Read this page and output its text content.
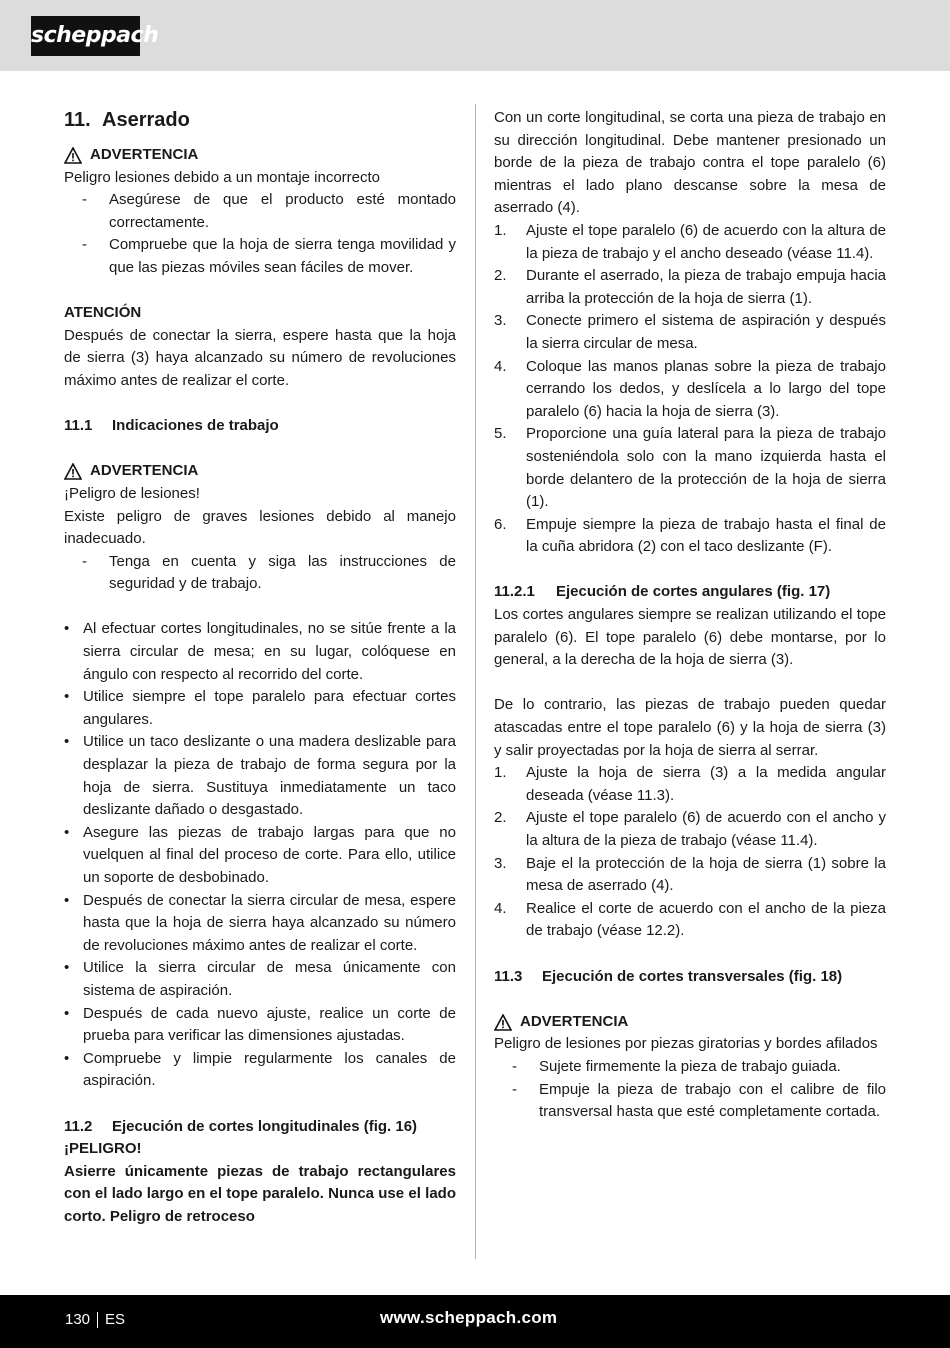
scheppach
11. Aserrado
ADVERTENCIA

Peligro lesiones debido a un montaje incorrecto

-	Asegúrese de que el producto esté montado correctamente.
-	Compruebe que la hoja de sierra tenga movilidad y que las piezas móviles sean fáciles de mover.
ATENCIÓN

Después de conectar la sierra, espere hasta que la hoja de sierra (3) haya alcanzado su número de revoluciones máximo antes de realizar el corte.

11.1 Indicaciones de trabajo
ADVERTENCIA

¡Peligro de lesiones!

Existe peligro de graves lesiones debido al manejo inadecuado.

-	Tenga en cuenta y siga las instrucciones de seguridad y de trabajo.
• Al efectuar cortes longitudinales, no se sitúe frente a la sierra circular de mesa; en su lugar, colóquese en ángulo con respecto al recorrido del corte.
• Utilice siempre el tope paralelo para efectuar cortes angulares.
• Utilice un taco deslizante o una madera deslizable para desplazar la pieza de trabajo de forma segura por la hoja de sierra. Sustituya inmediatamente un taco deslizante dañado o desgastado.
• Asegure las piezas de trabajo largas para que no vuelquen al final del proceso de corte. Para ello, utilice un soporte de desbobinado.
• Después de conectar la sierra circular de mesa, espere hasta que la hoja de sierra haya alcanzado su número de revoluciones máximo antes de realizar el corte.
• Utilice la sierra circular de mesa únicamente con sistema de aspiración.
• Después de cada nuevo ajuste, realice un corte de prueba para verificar las dimensiones ajustadas.
• Compruebe y limpie regularmente los canales de aspiración.
11.2 Ejecución de cortes longitudinales (fig. 16)
¡PELIGRO!

Asierre únicamente piezas de trabajo rectangulares con el lado largo en el tope paralelo. Nunca use el lado corto. Peligro de retroceso

Con un corte longitudinal, se corta una pieza de trabajo en su dirección longitudinal. Debe mantener presionado un borde de la pieza de trabajo contra el tope paralelo (6) mientras el lado plano descanse sobre la mesa de aserrado (4).

1.	Ajuste el tope paralelo (6) de acuerdo con la altura de la pieza de trabajo y el ancho deseado (véase 11.4).
2.	Durante el aserrado, la pieza de trabajo empuja hacia arriba la protección de la hoja de sierra (1).
3.	Conecte primero el sistema de aspiración y después la sierra circular de mesa.
4.	Coloque las manos planas sobre la pieza de trabajo cerrando los dedos, y deslícela a lo largo del tope paralelo (6) hacia la hoja de sierra (3).
5.	Proporcione una guía lateral para la pieza de trabajo sosteniéndola solo con la mano izquierda hasta el borde delantero de la protección de la hoja de sierra (1).
6.	Empuje siempre la pieza de trabajo hasta el final de la cuña abridora (2) con el taco deslizante (F).
11.2.1 Ejecución de cortes angulares (fig. 17)

Los cortes angulares siempre se realizan utilizando el tope paralelo (6). El tope paralelo (6) debe montarse, por lo general, a la derecha de la hoja de sierra (3).

De lo contrario, las piezas de trabajo pueden quedar atascadas entre el tope paralelo (6) y la hoja de sierra (3) y salir proyectadas por la hoja de sierra al serrar.

1.	Ajuste la hoja de sierra (3) a la medida angular deseada (véase 11.3).
2.	Ajuste el tope paralelo (6) de acuerdo con el ancho y la altura de la pieza de trabajo (véase 11.4).
3.	Baje el la protección de la hoja de sierra (1) sobre la mesa de aserrado (4).
4.	Realice el corte de acuerdo con el ancho de la pieza de trabajo (véase 12.2).
11.3 Ejecución de cortes transversales (fig. 18)
ADVERTENCIA

Peligro de lesiones por piezas giratorias y bordes afilados

-	Sujete firmemente la pieza de trabajo guiada.
-	Empuje la pieza de trabajo con el calibre de filo transversal hasta que esté completamente cortada.
130 ES	www.scheppach.com
